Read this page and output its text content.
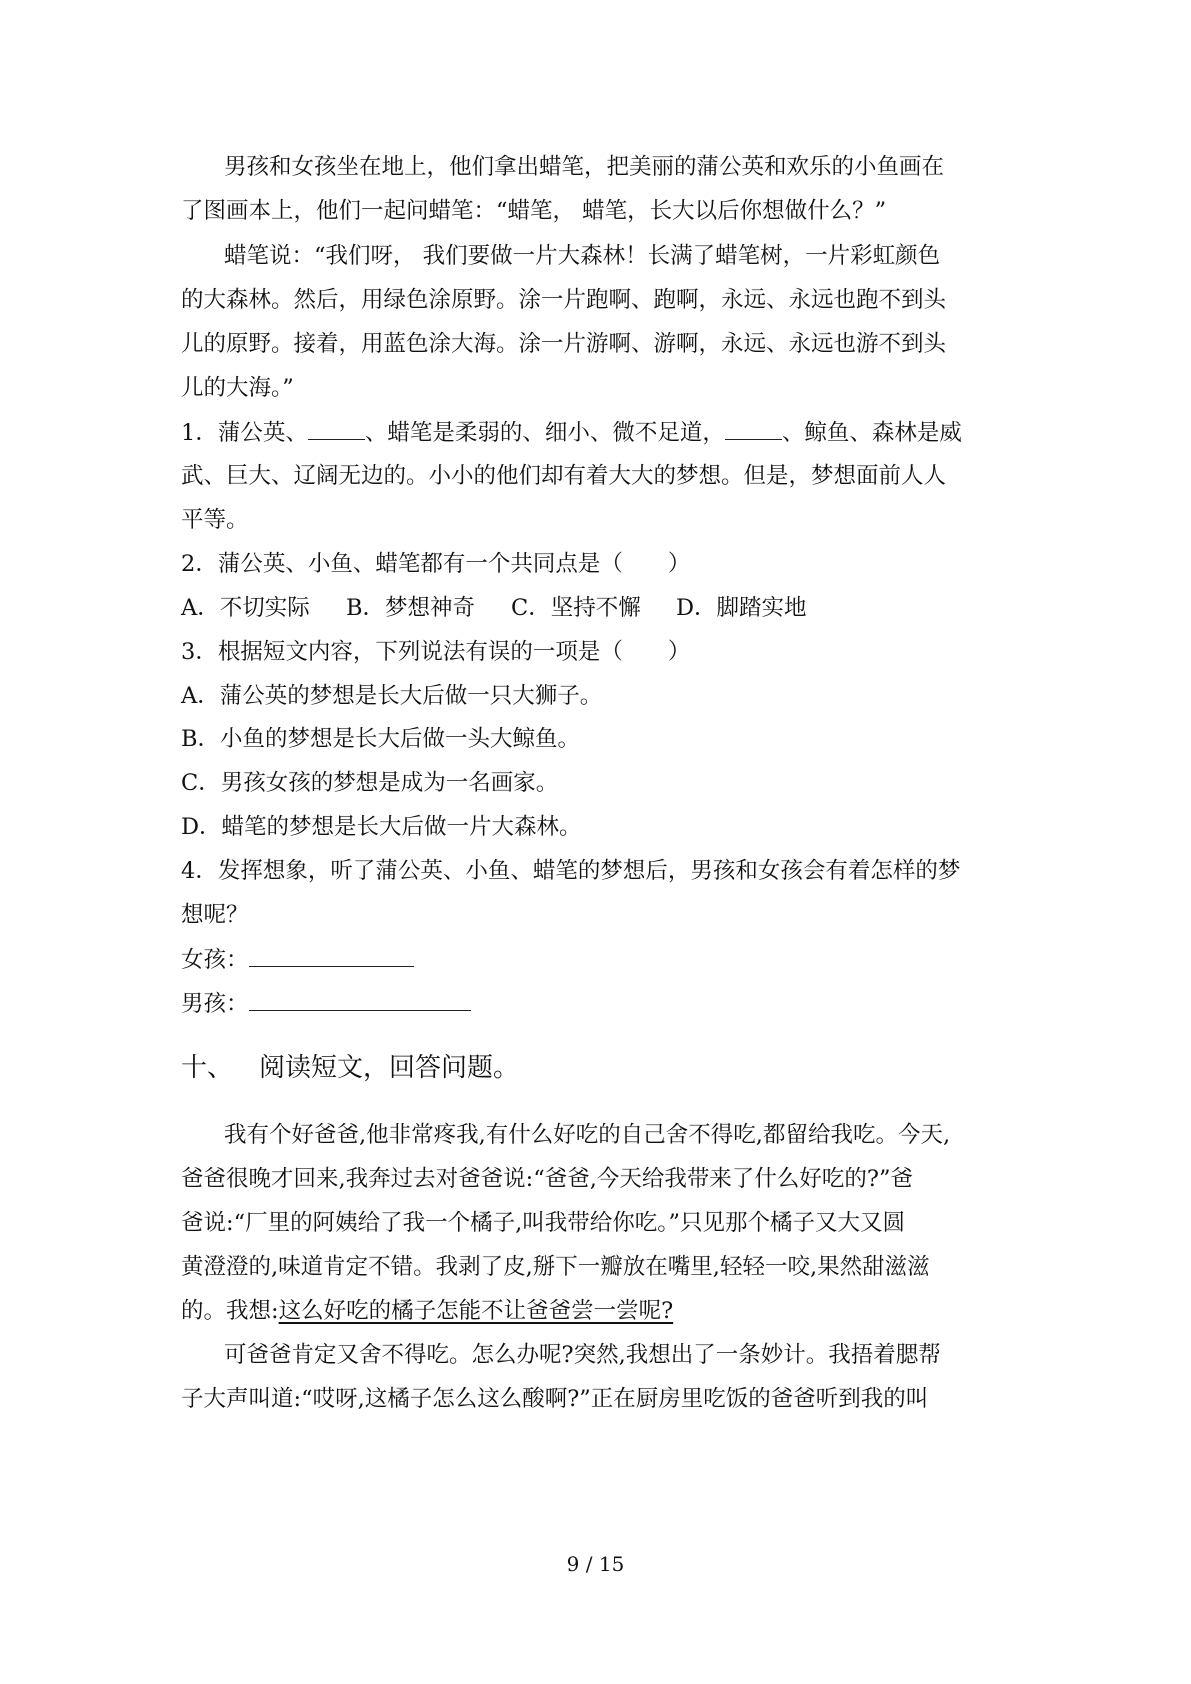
男孩和女孩坐在地上，他们拿出蜡笔，把美丽的蒲公英和欢乐的小鱼画在
了图画本上，他们一起问蜡笔：“蜡笔， 蜡笔，长大以后你想做什么？”
蜡笔说：“我们呀， 我们要做一片大森林！长满了蜡笔树，一片彩虹颜色
的大森林。然后，用绿色涂原野。涂一片跑啊、跑啊，永远、永远也跑不到头
儿的原野。接着，用蓝色涂大海。涂一片游啊、游啊，永远、永远也游不到头
儿的大海。”
1．蒲公英、	、蜡笔是柔弱的、细小、微不足道，	、鲸鱼、森林是威
武、巨大、辽阔无边的。小小的他们却有着大大的梦想。但是，梦想面前人人
平等。
2．蒲公英、小鱼、蜡笔都有一个共同点是（　　）
A．不切实际 B．梦想神奇 C．坚持不懈 D．脚踏实地
3．根据短文内容，下列说法有误的一项是（　　）
A．蒲公英的梦想是长大后做一只大狮子。
B．小鱼的梦想是长大后做一头大鲸鱼。
C．男孩女孩的梦想是成为一名画家。
D．蜡笔的梦想是长大后做一片大森林。
4．发挥想象，听了蒲公英、小鱼、蜡笔的梦想后，男孩和女孩会有着怎样的梦
想呢？
女孩：
男孩：
十、 阅读短文，回答问题。
我有个好爸爸,他非常疼我,有什么好吃的自己舍不得吃,都留给我吃。今天,
爸爸很晚才回来,我奔过去对爸爸说:“爸爸,今天给我带来了什么好吃的?”爸
爸说:“厂里的阿姨给了我一个橘子,叫我带给你吃。”只见那个橘子又大又圆
黄澄澄的,味道肯定不错。我剥了皮,掰下一瓣放在嘴里,轻轻一咬,果然甜滋滋
的。我想:这么好吃的橘子怎能不让爸爸尝一尝呢?
可爸爸肯定又舍不得吃。怎么办呢?突然,我想出了一条妙计。我捂着腮帮
子大声叫道:“哎呀,这橘子怎么这么酸啊?”正在厨房里吃饭的爸爸听到我的叫
9 / 15
